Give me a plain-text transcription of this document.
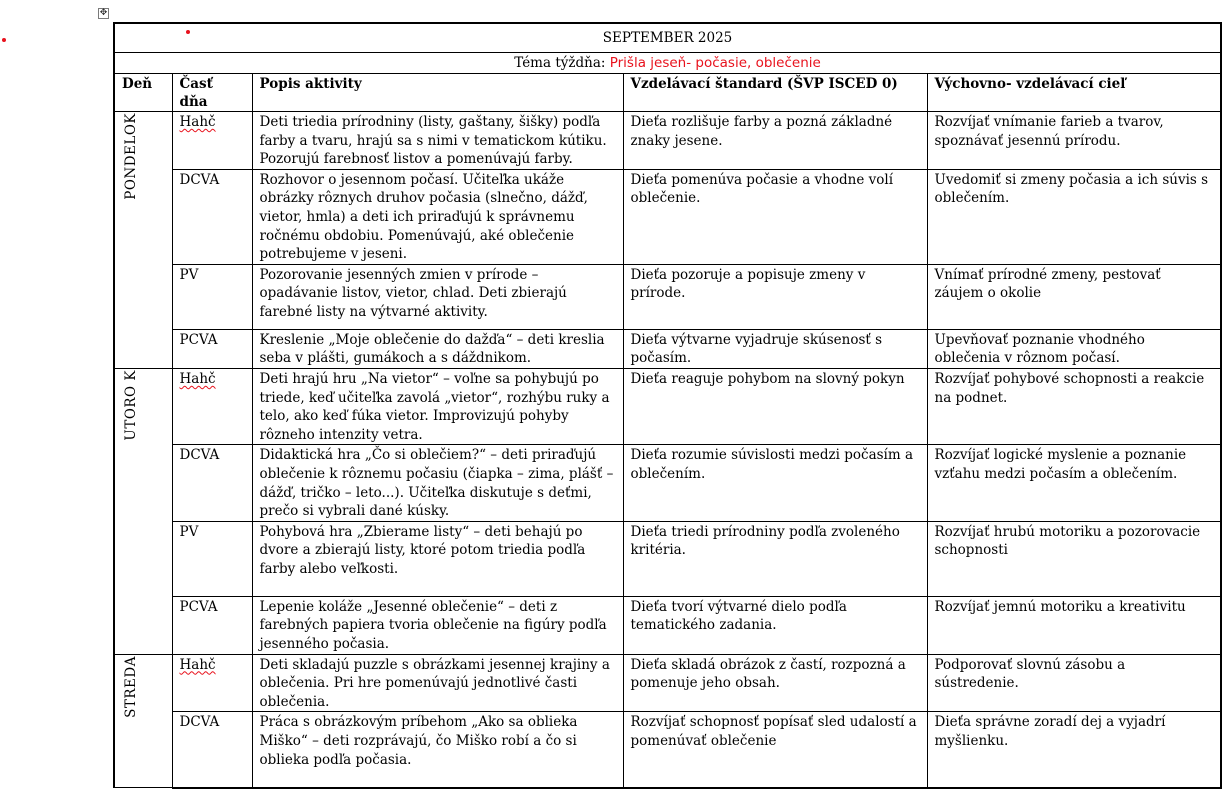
✥
SEPTEMBER 2025				
Téma týždňa: Prišla jeseň- počasie, oblečenie				
Deň	Časť dňa	Popis aktivity	Vzdelávací štandard (ŠVP ISCED 0)	Výchovno- vzdelávací cieľ
PONDELOK	Hahč	Deti triedia prírodniny (listy, gaštany, šišky) podľa farby a tvaru, hrajú sa s nimi v tematickom kútiku. Pozorujú farebnosť listov a pomenúvajú farby.	Dieťa rozlišuje farby a pozná základné znaky jesene.	Rozvíjať vnímanie farieb a tvarov, spoznávať jesennú prírodu.
	DCVA	Rozhovor o jesennom počasí. Učiteľka ukáže obrázky rôznych druhov počasia (slnečno, dážď, vietor, hmla) a deti ich priraďujú k správnemu ročnému obdobiu. Pomenúvajú, aké oblečenie potrebujeme v jeseni.	Dieťa pomenúva počasie a vhodne volí oblečenie.	Uvedomiť si zmeny počasia a ich súvis s oblečením.
	PV	Pozorovanie jesenných zmien v prírode – opadávanie listov, vietor, chlad. Deti zbierajú farebné listy na výtvarné aktivity.	Dieťa pozoruje a popisuje zmeny v prírode.	Vnímať prírodné zmeny, pestovať záujem o okolie
	PCVA	Kreslenie „Moje oblečenie do dažďa“ – deti kreslia seba v plášti, gumákoch a s dáždnikom.	Dieťa výtvarne vyjadruje skúsenosť s počasím.	Upevňovať poznanie vhodného oblečenia v rôznom počasí.
UTORO K	Hahč	Deti hrajú hru „Na vietor“ – voľne sa pohybujú po triede, keď učiteľka zavolá „vietor“, rozhýbu ruky a telo, ako keď fúka vietor. Improvizujú pohyby rôzneho intenzity vetra.	Dieťa reaguje pohybom na slovný pokyn	Rozvíjať pohybové schopnosti a reakcie na podnet.
	DCVA	Didaktická hra „Čo si oblečiem?“ – deti priraďujú oblečenie k rôznemu počasiu (čiapka – zima, plášť – dážď, tričko – leto...). Učiteľka diskutuje s deťmi, prečo si vybrali dané kúsky.	Dieťa rozumie súvislosti medzi počasím a oblečením.	Rozvíjať logické myslenie a poznanie vzťahu medzi počasím a oblečením.
	PV	Pohybová hra „Zbierame listy“ – deti behajú po dvore a zbierajú listy, ktoré potom triedia podľa farby alebo veľkosti.	Dieťa triedi prírodniny podľa zvoleného kritéria.	Rozvíjať hrubú motoriku a pozorovacie schopnosti
	PCVA	Lepenie koláže „Jesenné oblečenie“ – deti z farebných papiera tvoria oblečenie na figúry podľa jesenného počasia.	Dieťa tvorí výtvarné dielo podľa tematického zadania.	Rozvíjať jemnú motoriku a kreativitu
STREDA	Hahč	Deti skladajú puzzle s obrázkami jesennej krajiny a oblečenia. Pri hre pomenúvajú jednotlivé časti oblečenia.	Dieťa skladá obrázok z častí, rozpozná a pomenuje jeho obsah.	Podporovať slovnú zásobu a sústredenie.
	DCVA	Práca s obrázkovým príbehom „Ako sa oblieka Miško“ – deti rozprávajú, čo Miško robí a čo si oblieka podľa počasia.	Rozvíjať schopnosť popísať sled udalostí a pomenúvať oblečenie	Dieťa správne zoradí dej a vyjadrí myšlienku.
